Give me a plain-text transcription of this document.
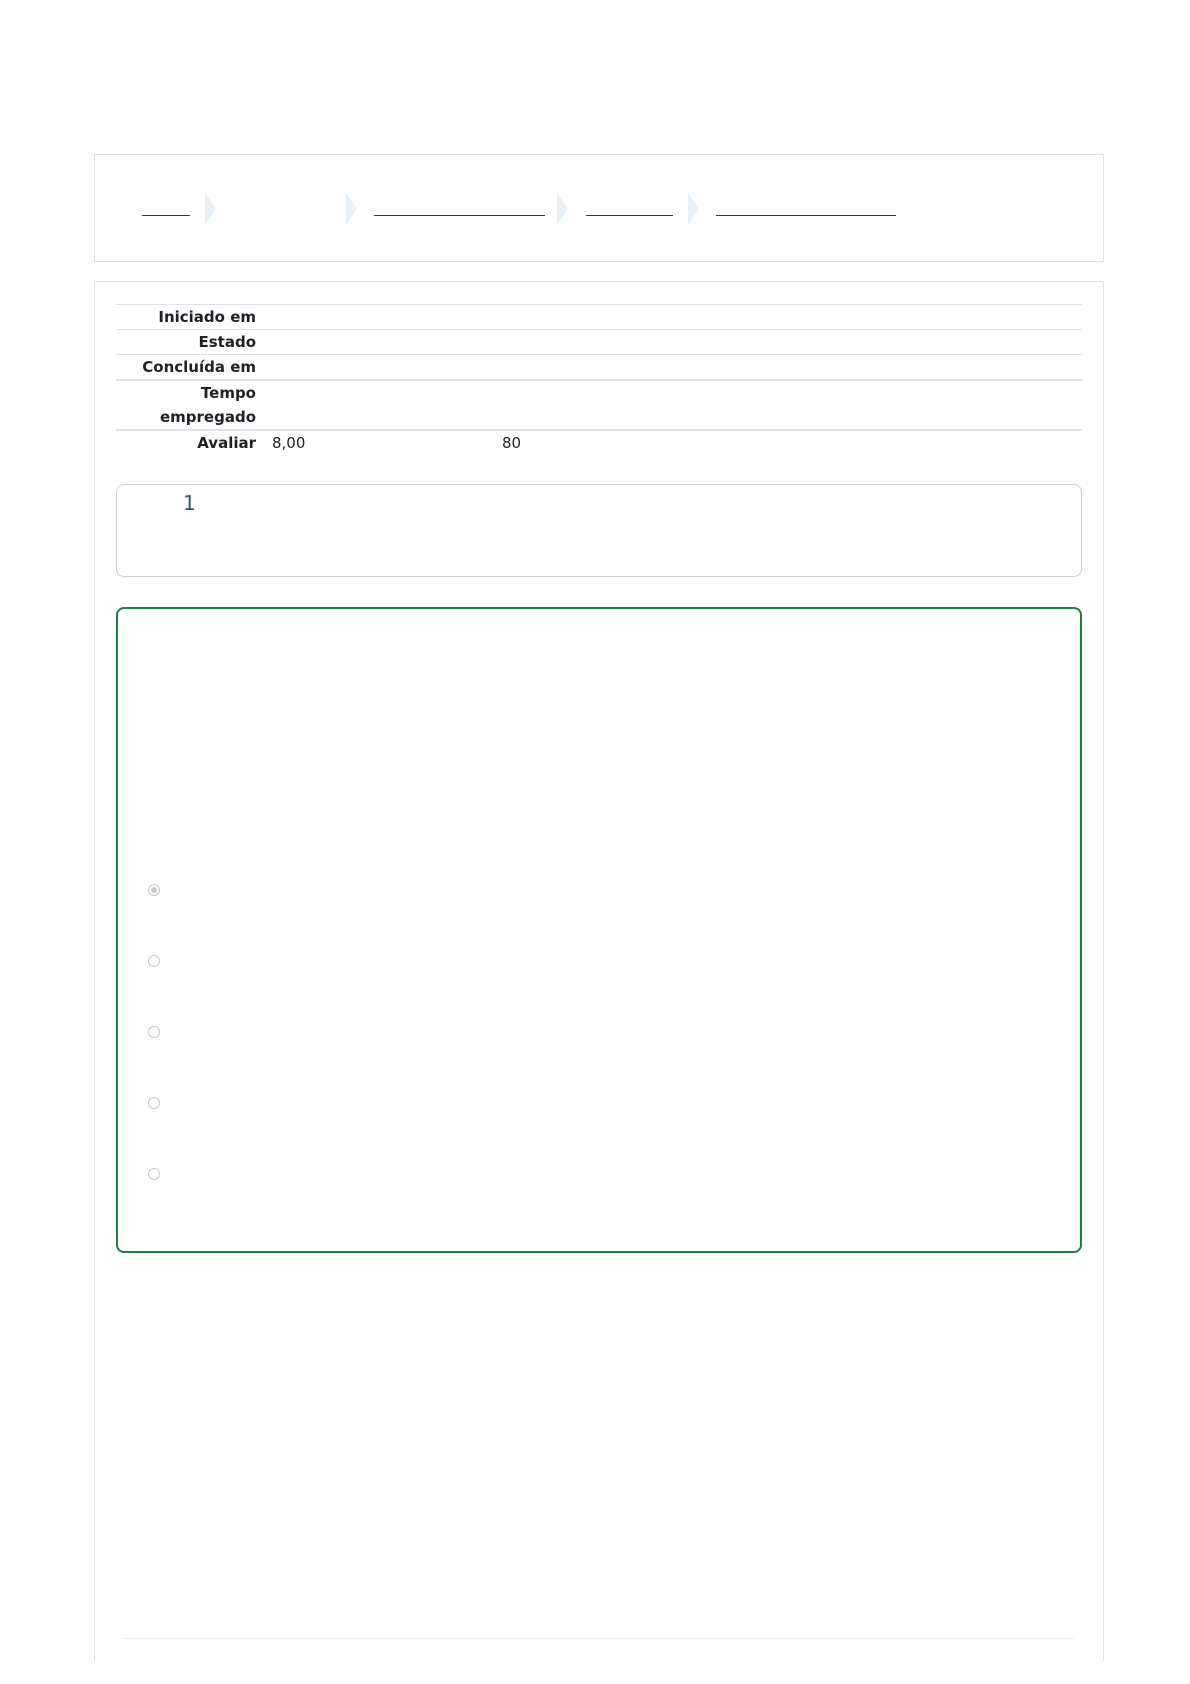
Iniciado em
Estado
Concluída em
Tempo empregado
Avaliar	8,00	80
1
